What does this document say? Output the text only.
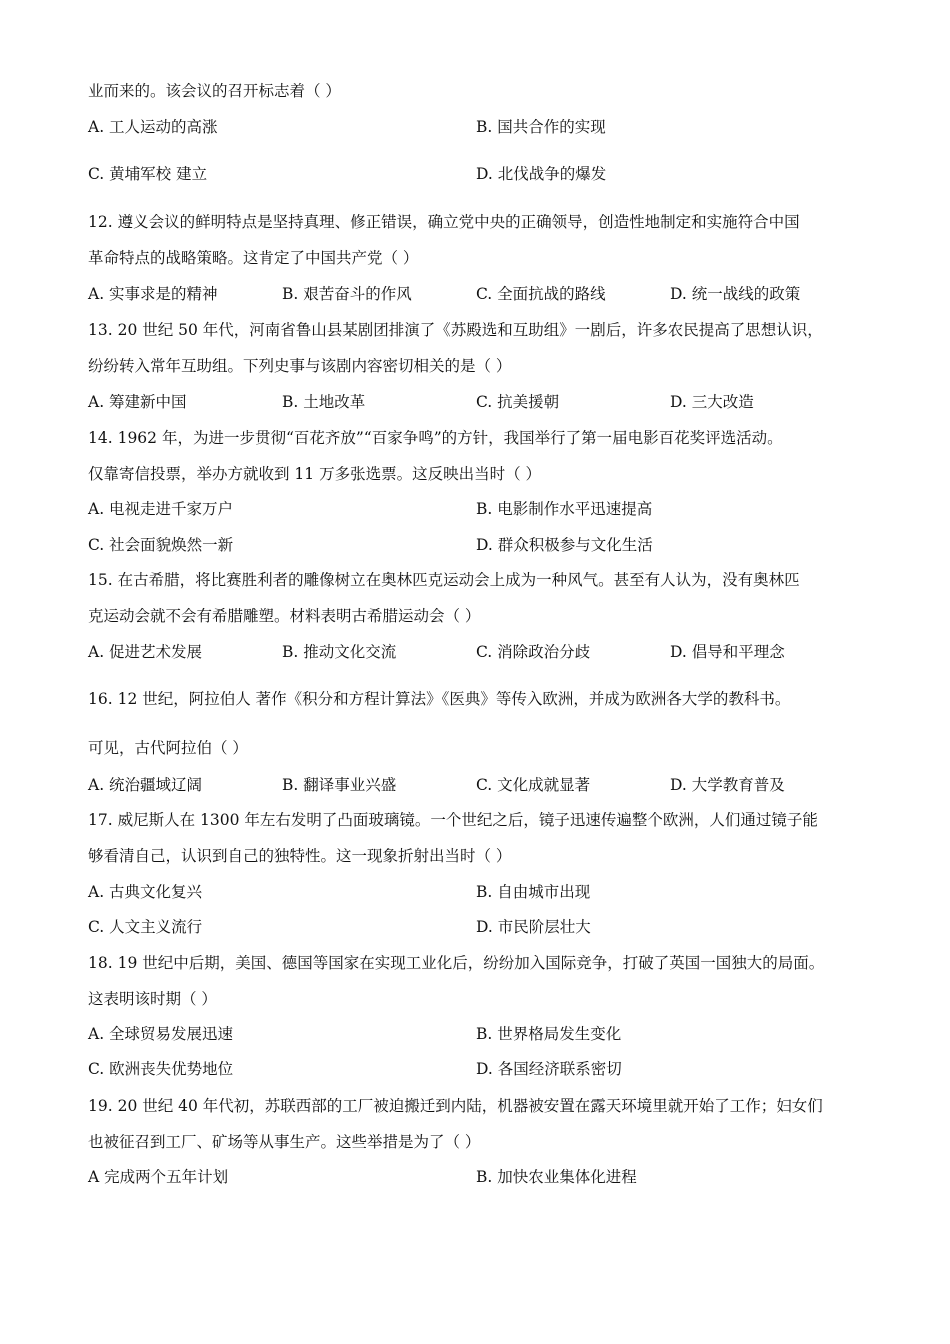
业而来的。该会议的召开标志着（ ）
A. 工人运动的高涨	B. 国共合作的实现
C. 黄埔军校 建立	D. 北伐战争的爆发
12. 遵义会议的鲜明特点是坚持真理、修正错误，确立党中央的正确领导，创造性地制定和实施符合中国
革命特点的战略策略。这肯定了中国共产党（ ）
A. 实事求是的精神	B. 艰苦奋斗的作风	C. 全面抗战的路线	D. 统一战线的政策
13. 20 世纪 50 年代，河南省鲁山县某剧团排演了《苏殿选和互助组》一剧后，许多农民提高了思想认识，
纷纷转入常年互助组。下列史事与该剧内容密切相关的是（ ）
A. 筹建新中国	B. 土地改革	C. 抗美援朝	D. 三大改造
14. 1962 年，为进一步贯彻“百花齐放”“百家争鸣”的方针，我国举行了第一届电影百花奖评选活动。
仅靠寄信投票，举办方就收到 11 万多张选票。这反映出当时（ ）
A. 电视走进千家万户	B. 电影制作水平迅速提高
C. 社会面貌焕然一新	D. 群众积极参与文化生活
15. 在古希腊，将比赛胜利者的雕像树立在奥林匹克运动会上成为一种风气。甚至有人认为，没有奥林匹
克运动会就不会有希腊雕塑。材料表明古希腊运动会（ ）
A. 促进艺术发展	B. 推动文化交流	C. 消除政治分歧	D. 倡导和平理念
16. 12 世纪，阿拉伯人 著作《积分和方程计算法》《医典》等传入欧洲，并成为欧洲各大学的教科书。
可见，古代阿拉伯（ ）
A. 统治疆域辽阔	B. 翻译事业兴盛	C. 文化成就显著	D. 大学教育普及
17. 威尼斯人在 1300 年左右发明了凸面玻璃镜。一个世纪之后，镜子迅速传遍整个欧洲，人们通过镜子能
够看清自己，认识到自己的独特性。这一现象折射出当时（ ）
A. 古典文化复兴	B. 自由城市出现
C. 人文主义流行	D. 市民阶层壮大
18. 19 世纪中后期，美国、德国等国家在实现工业化后，纷纷加入国际竞争，打破了英国一国独大的局面。
这表明该时期（ ）
A. 全球贸易发展迅速	B. 世界格局发生变化
C. 欧洲丧失优势地位	D. 各国经济联系密切
19. 20 世纪 40 年代初，苏联西部的工厂被迫搬迁到内陆，机器被安置在露天环境里就开始了工作；妇女们
也被征召到工厂、矿场等从事生产。这些举措是为了（ ）
A 完成两个五年计划	B. 加快农业集体化进程
